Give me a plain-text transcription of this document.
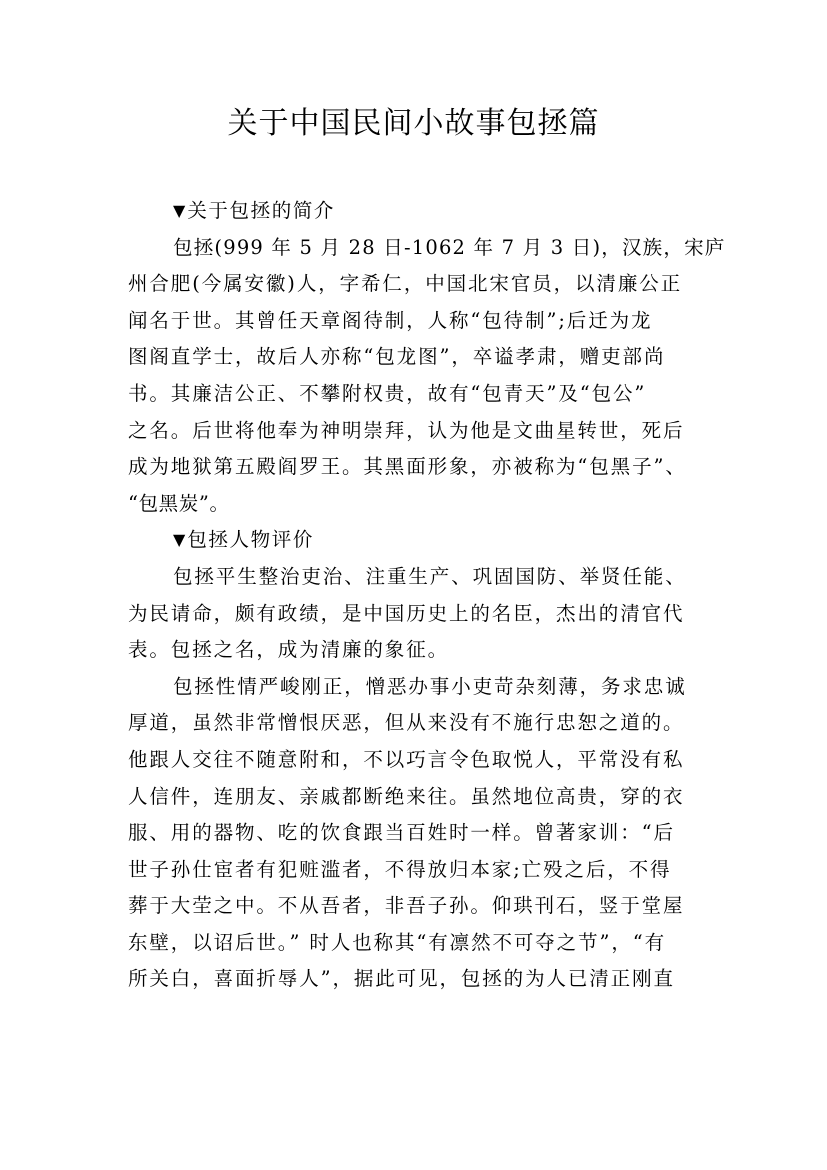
关于中国民间小故事包拯篇
▼ 关于包拯的简介
包拯(999 年 5 月 28 日-1062 年 7 月 3 日)，汉族，宋庐
州合肥(今属安徽)人，字希仁，中国北宋官员，以清廉公正
闻名于世。其曾任天章阁待制，人称“包待制”;后迁为龙
图阁直学士，故后人亦称“包龙图”，卒谥孝肃，赠吏部尚
书。其廉洁公正、不攀附权贵，故有“包青天”及“包公”
之名。后世将他奉为神明崇拜，认为他是文曲星转世，死后
成为地狱第五殿阎罗王。其黑面形象，亦被称为“包黑子”、
“包黑炭”。
▼ 包拯人物评价
包拯平生整治吏治、注重生产、巩固国防、举贤任能、
为民请命，颇有政绩，是中国历史上的名臣，杰出的清官代
表。包拯之名，成为清廉的象征。
包拯性情严峻刚正，憎恶办事小吏苛杂刻薄，务求忠诚
厚道，虽然非常憎恨厌恶，但从来没有不施行忠恕之道的。
他跟人交往不随意附和，不以巧言令色取悦人，平常没有私
人信件，连朋友、亲戚都断绝来往。虽然地位高贵，穿的衣
服、用的器物、吃的饮食跟当百姓时一样。曾著家训：“后
世子孙仕宦者有犯赃滥者，不得放归本家;亡殁之后，不得
葬于大茔之中。不从吾者，非吾子孙。仰珙刊石，竖于堂屋
东壁，以诏后世。” 时人也称其“有凛然不可夺之节”，“有
所关白，喜面折辱人”，据此可见，包拯的为人已清正刚直
